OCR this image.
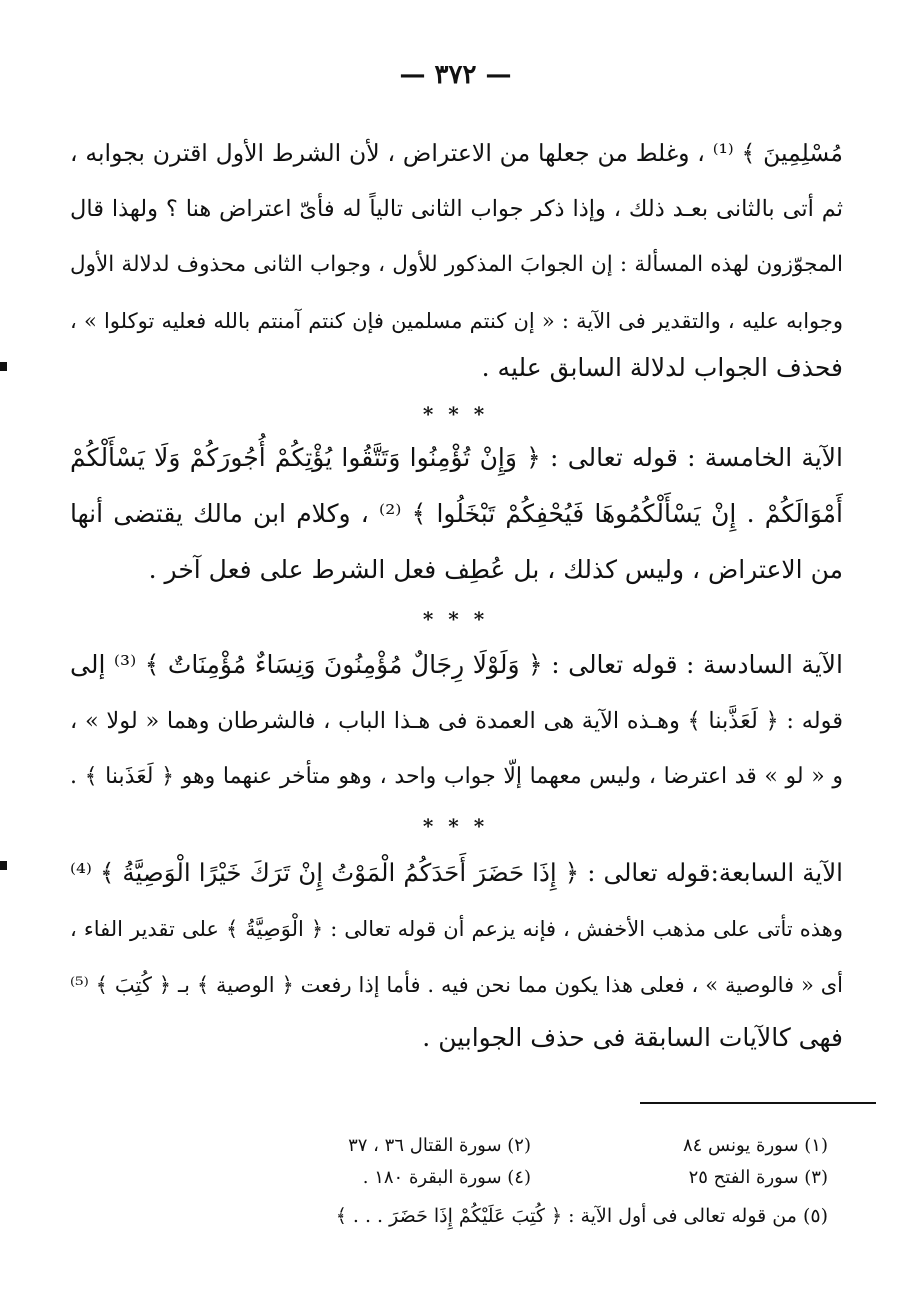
— ٣٧٢ —
مُسْلِمِينَ ﴾ ⁽¹⁾ ، وغلط من جعلها من الاعتراض ، لأن الشرط الأول اقترن بجوابه ،
ثم أتى بالثانى بعـد ذلك ، وإذا ذكر جواب الثانى تالياً له فأىّ اعتراض هنا ؟ ولهذا قال
المجوّزون لهذه المسألة : إن الجوابَ المذكور للأول ، وجواب الثانى محذوف لدلالة الأول
وجوابه عليه ، والتقدير فى الآية : « إن كنتم مسلمين فإن كنتم آمنتم بالله فعليه توكلوا » ،
فحذف الجواب لدلالة السابق عليه .
* * *
الآية الخامسة : قوله تعالى : ﴿ وَإِنْ تُؤْمِنُوا وَتَتَّقُوا يُؤْتِكُمْ أُجُورَكُمْ وَلَا يَسْأَلْكُمْ
أَمْوَالَكُمْ . إِنْ يَسْأَلْكُمُوهَا فَيُحْفِكُمْ تَبْخَلُوا ﴾ ⁽²⁾ ، وكلام ابن مالك يقتضى أنها
من الاعتراض ، وليس كذلك ، بل عُطِف فعل الشرط على فعل آخر .
* * *
الآية السادسة : قوله تعالى : ﴿ وَلَوْلَا رِجَالٌ مُؤْمِنُونَ وَنِسَاءٌ مُؤْمِنَاتٌ ﴾ ⁽³⁾ إلى
قوله : ﴿ لَعَذَّبنا ﴾ وهـذه الآية هى العمدة فى هـذا الباب ، فالشرطان وهما « لولا » ،
و « لو » قد اعترضا ، وليس معهما إلّا جواب واحد ، وهو متأخر عنهما وهو ﴿ لَعَذَبنا ﴾ .
* * *
الآية السابعة:قوله تعالى : ﴿ إِذَا حَضَرَ أَحَدَكُمُ الْمَوْتُ إِنْ تَرَكَ خَيْرًا الْوَصِيَّةُ ﴾ ⁽⁴⁾
وهذه تأتى على مذهب الأخفش ، فإنه يزعم أن قوله تعالى : ﴿ الْوَصِيَّةُ ﴾ على تقدير الفاء ،
أى « فالوصية » ، فعلى هذا يكون مما نحن فيه . فأما إذا رفعت ﴿ الوصية ﴾ بـ ﴿ كُتِبَ ﴾ ⁽⁵⁾
فهى كالآيات السابقة فى حذف الجوابين .
(١) سورة يونس ٨٤
(٢) سورة القتال ٣٦ ، ٣٧
(٣) سورة الفتح ٢٥
(٤) سورة البقرة ١٨٠ .
(٥) من قوله تعالى فى أول الآية : ﴿ كُتِبَ عَلَيْكُمْ إِذَا حَضَرَ . . . ﴾
